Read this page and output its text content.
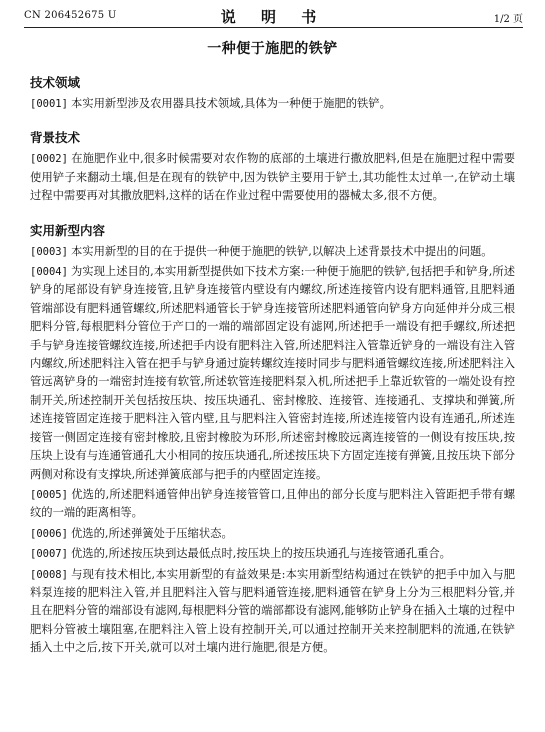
CN 206452675 U	说 明 书	1/2 页
一种便于施肥的铁铲
技术领域

[0001] 本实用新型涉及农用器具技术领域,具体为一种便于施肥的铁铲。

背景技术

[0002] 在施肥作业中,很多时候需要对农作物的底部的土壤进行撒放肥料,但是在施肥过程中需要使用铲子来翻动土壤,但是在现有的铁铲中,因为铁铲主要用于铲土,其功能性太过单一,在铲动土壤过程中需要再对其撒放肥料,这样的话在作业过程中需要使用的器械太多,很不方便。

实用新型内容

[0003] 本实用新型的目的在于提供一种便于施肥的铁铲,以解决上述背景技术中提出的问题。

[0004] 为实现上述目的,本实用新型提供如下技术方案:一种便于施肥的铁铲,包括把手和铲身,所述铲身的尾部设有铲身连接管,且铲身连接管内壁设有内螺纹,所述连接管内设有肥料通管,且肥料通管端部设有肥料通管螺纹,所述肥料通管长于铲身连接管所述肥料通管向铲身方向延伸并分成三根肥料分管,每根肥料分管位于产口的一端的端部固定设有滤网,所述把手一端设有把手螺纹,所述把手与铲身连接管螺纹连接,所述把手内设有肥料注入管,所述肥料注入管靠近铲身的一端设有注入管内螺纹,所述肥料注入管在把手与铲身通过旋转螺纹连接时同步与肥料通管螺纹连接,所述肥料注入管远离铲身的一端密封连接有软管,所述软管连接肥料泵入机,所述把手上靠近软管的一端处设有控制开关,所述控制开关包括按压块、按压块通孔、密封橡胶、连接管、连接通孔、支撑块和弹簧,所述连接管固定连接于肥料注入管内壁,且与肥料注入管密封连接,所述连接管内设有连通孔,所述连接管一侧固定连接有密封橡胶,且密封橡胶为环形,所述密封橡胶远离连接管的一侧设有按压块,按压块上设有与连通管通孔大小相同的按压块通孔,所述按压块下方固定连接有弹簧,且按压块下部分两侧对称设有支撑块,所述弹簧底部与把手的内壁固定连接。

[0005] 优选的,所述肥料通管伸出铲身连接管管口,且伸出的部分长度与肥料注入管距把手带有螺纹的一端的距离相等。

[0006] 优选的,所述弹簧处于压缩状态。

[0007] 优选的,所述按压块到达最低点时,按压块上的按压块通孔与连接管通孔重合。

[0008] 与现有技术相比,本实用新型的有益效果是:本实用新型结构通过在铁铲的把手中加入与肥料泵连接的肥料注入管,并且肥料注入管与肥料通管连接,肥料通管在铲身上分为三根肥料分管,并且在肥料分管的端部设有滤网,每根肥料分管的端部都设有滤网,能够防止铲身在插入土壤的过程中肥料分管被土壤阻塞,在肥料注入管上设有控制开关,可以通过控制开关来控制肥料的流通,在铁铲插入土中之后,按下开关,就可以对土壤内进行施肥,很是方便。
